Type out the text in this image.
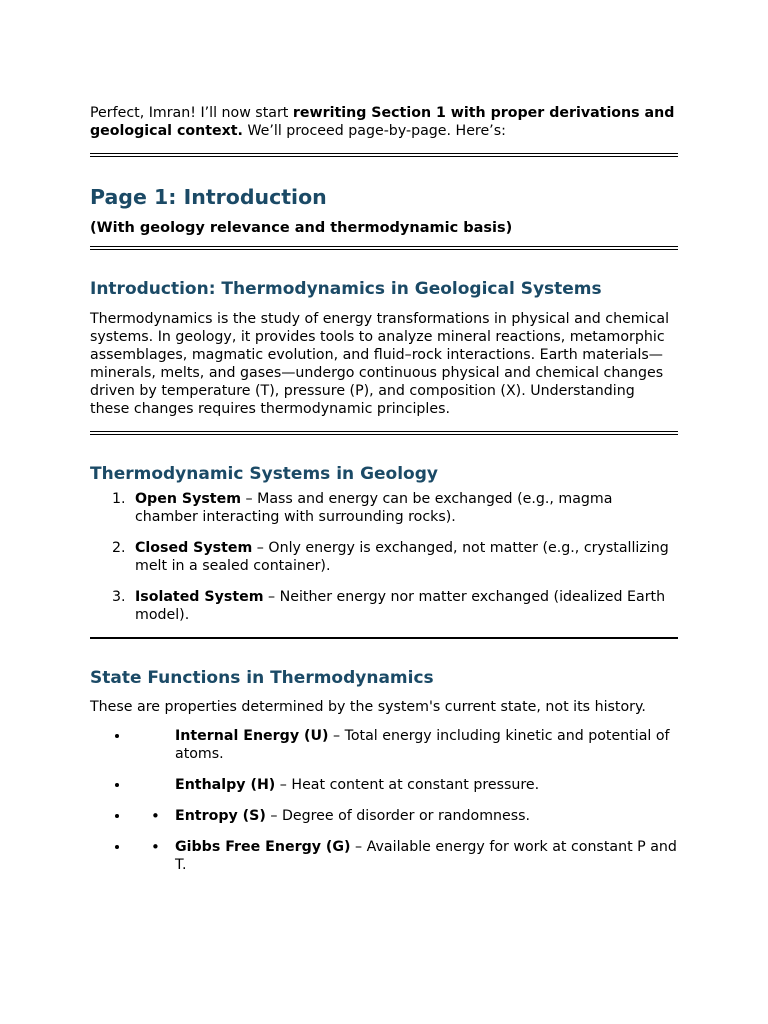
Perfect, Imran! I’ll now start rewriting Section 1 with proper derivations and geological context. We’ll proceed page-by-page. Here’s:

Page 1: Introduction

(With geology relevance and thermodynamic basis)

Introduction: Thermodynamics in Geological Systems

Thermodynamics is the study of energy transformations in physical and chemical systems. In geology, it provides tools to analyze mineral reactions, metamorphic assemblages, magmatic evolution, and fluid–rock interactions. Earth materials—minerals, melts, and gases—undergo continuous physical and chemical changes driven by temperature (T), pressure (P), and composition (X). Understanding these changes requires thermodynamic principles.

Thermodynamic Systems in Geology
1. Open System – Mass and energy can be exchanged (e.g., magma chamber interacting with surrounding rocks).
2. Closed System – Only energy is exchanged, not matter (e.g., crystallizing melt in a sealed container).
3. Isolated System – Neither energy nor matter exchanged (idealized Earth model).
State Functions in Thermodynamics

These are properties determined by the system's current state, not its history.

• Internal Energy (U) – Total energy including kinetic and potential of atoms.
• Enthalpy (H) – Heat content at constant pressure.
• • Entropy (S) – Degree of disorder or randomness.
• • Gibbs Free Energy (G) – Available energy for work at constant P and T.
